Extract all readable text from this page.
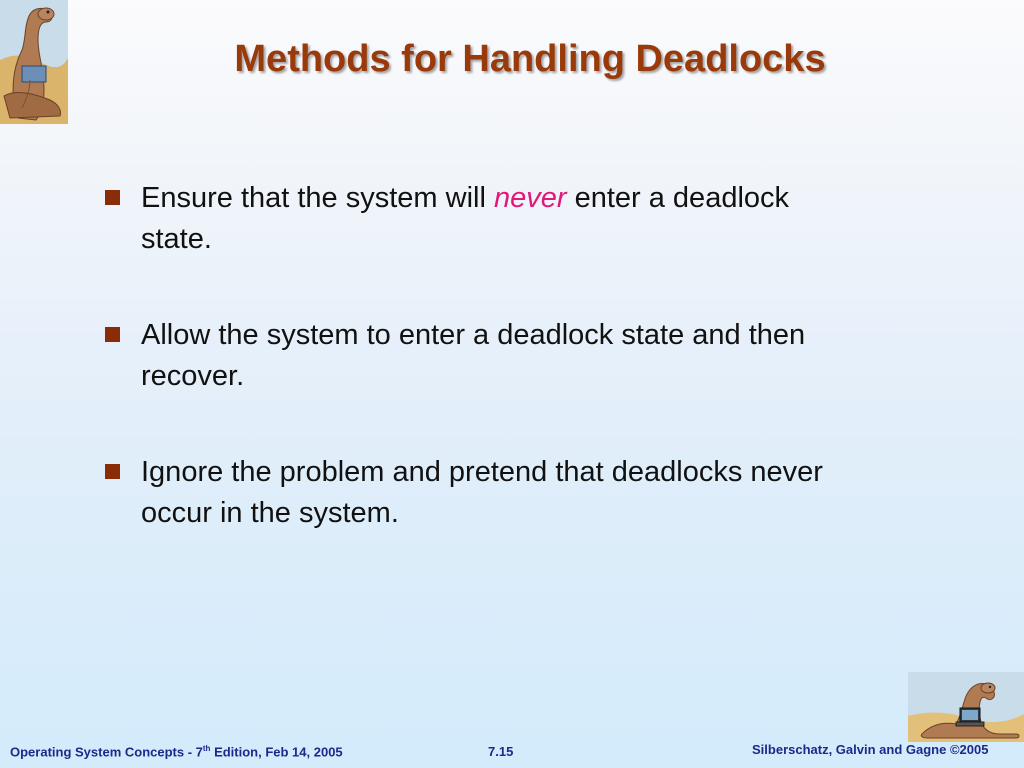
Methods for Handling Deadlocks
Ensure that the system will never enter a deadlock state.
Allow the system to enter a deadlock state and then recover.
Ignore the problem and pretend that deadlocks never occur in the system.
Operating System Concepts - 7th Edition, Feb 14, 2005	7.15	Silberschatz, Galvin and Gagne ©2005
